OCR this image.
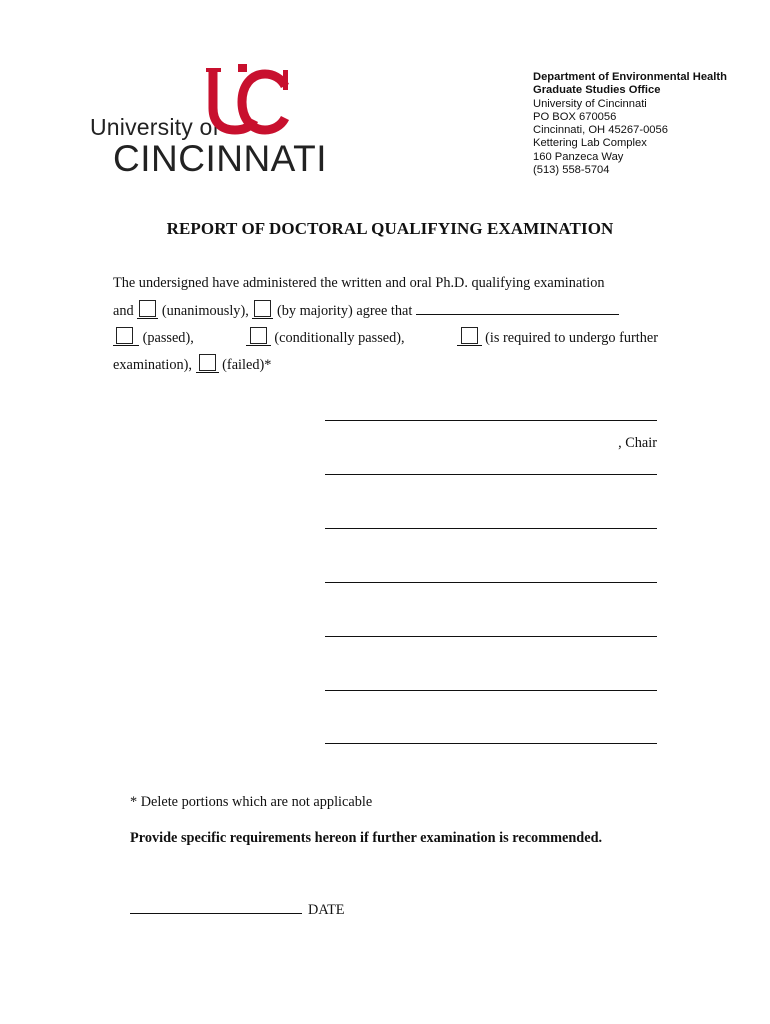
University of
CINCINNATI
Department of Environmental Health
Graduate Studies Office
University of Cincinnati
PO BOX 670056
Cincinnati, OH 45267-0056
Kettering Lab Complex
160 Panzeca Way
(513) 558-5704
REPORT OF DOCTORAL QUALIFYING EXAMINATION
The undersigned have administered the written and oral Ph.D. qualifying examination
and (unanimously), (by majority) agree that
(passed),	(conditionally passed),	(is required to undergo further
examination), (failed)*
, Chair
* Delete portions which are not applicable
Provide specific requirements hereon if further examination is recommended.
DATE
